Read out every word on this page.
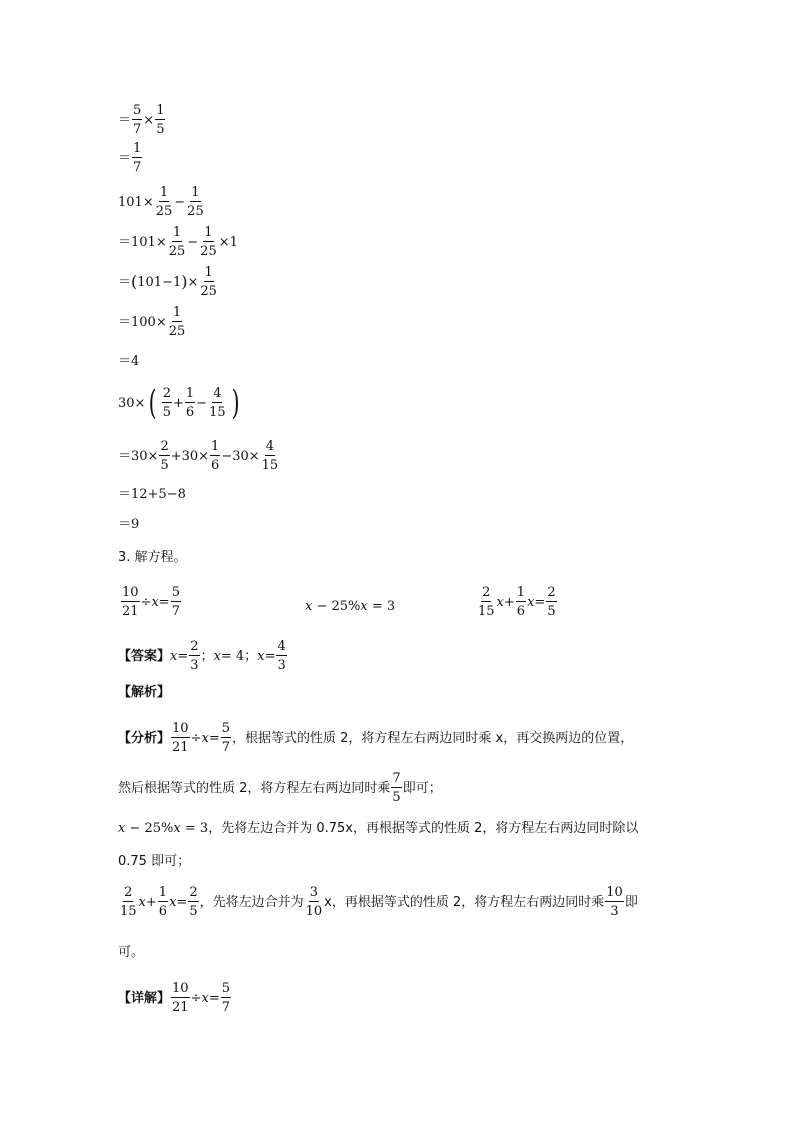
＝ $\frac{5}{7} \times \frac{1}{5}$
＝
1
7
$101\times \frac{1}{25} - \frac{1}{25}$
$=101\times \frac{1}{25} - \frac{1}{25} \times 1$
＝ ( 101−1 ) × $\frac{1}{25}$
$=100\times \frac{1}{25}$
＝4
30× ( 2
5
+ $\frac{1}{6} - \frac{4}{15}$ )
$=30\times \frac{2}{5} +30\times \frac{1}{6} -30\times \frac{4}{15}$
＝12+5−8
＝9
3. 解方程。
$\frac{10}{21} \div x = \frac{5}{7}$	x − 25%x = 3
2
15
$x + \frac{1}{6}$ $x = \frac{2}{5}$
【答案】 $x = \frac{2}{3}$ ； x = 4 ； $x = \frac{4}{3}$
【解析】
【分析】 $\frac{10}{21} \div x = \frac{5}{7}$ ，根据等式的性质 2，将方程左右两边同时乘 x，再交换两边的位置，
然后根据等式的性质 2，将方程左右两边同时乘
7
5
即可；
x − 25%x = 3，先将左边合并为 0.75x，再根据等式的性质 2，将方程左右两边同时除以
0.75 即可；
2
15
$x + \frac{1}{6}$ $x = \frac{2}{5}$ ，先将左边合并为
3
10
x，再根据等式的性质 2，将方程左右两边同时乘
10
3
即
可。
【详解】 $\frac{10}{21} \div x = \frac{5}{7}$
